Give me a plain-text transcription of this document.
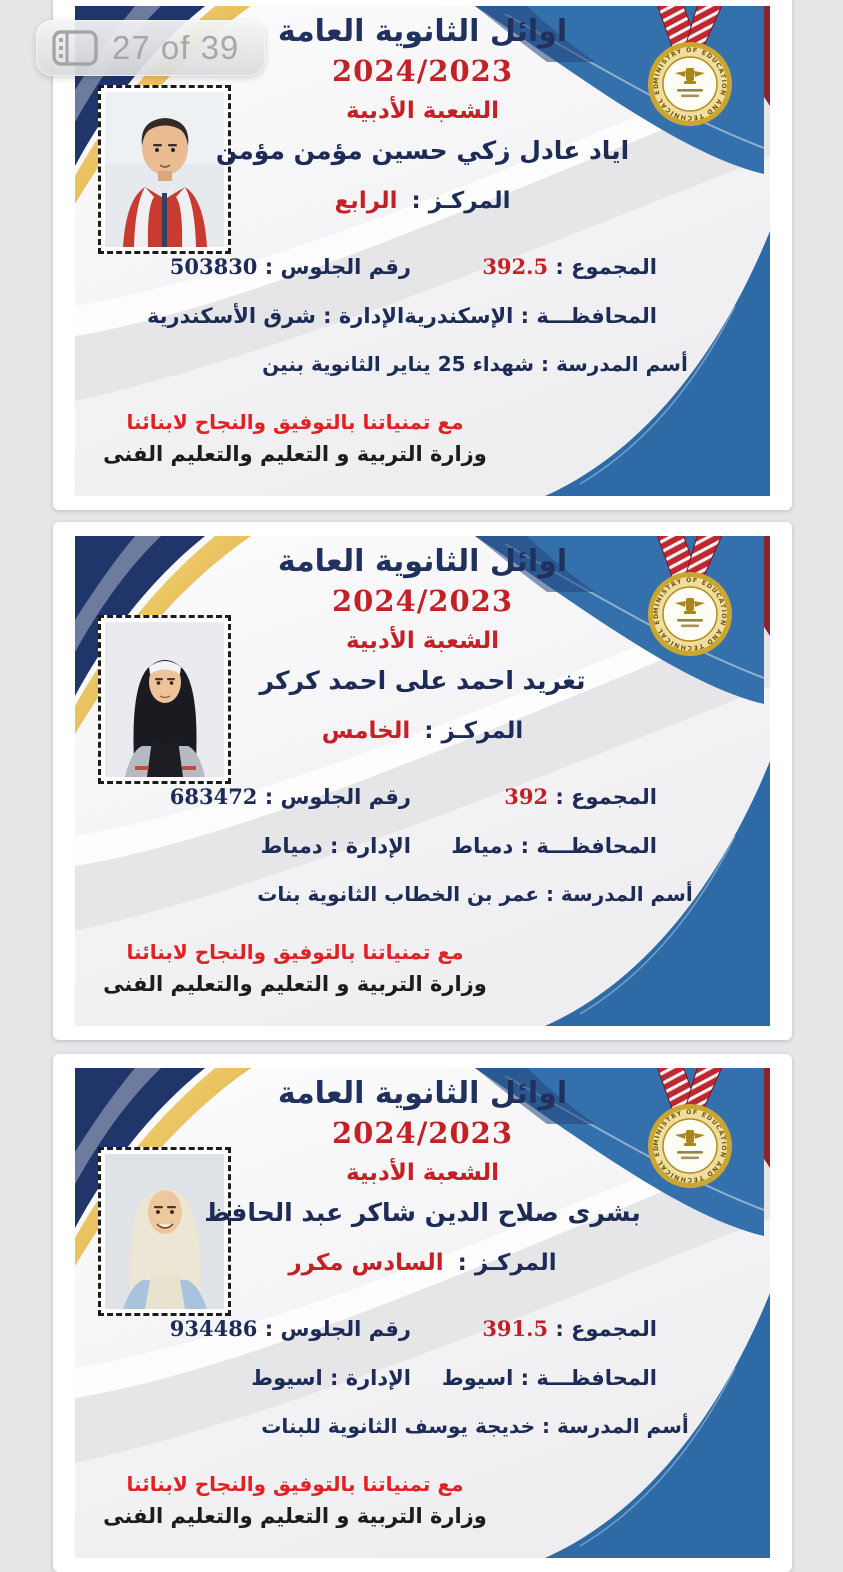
27 of 39	اوائل الثانوية العامة
2024/2023
الشعبة الأدبية
اياد عادل زكي حسين مؤمن مؤمن
المركـز :الرابع
المجموع : 392.5
رقم الجلوس : 503830
المحافظـــة : الإسكندرية
الإدارة : شرق الأسكندرية
أسم المدرسة : شهداء 25 يناير الثانوية بنين
مع تمنياتنا بالتوفيق والنجاح لابنائنا
وزارة التربية و التعليم والتعليم الفنى
اوائل الثانوية العامة
2024/2023
الشعبة الأدبية
تغريد احمد على احمد كركر
المركـز :الخامس
المجموع : 392
رقم الجلوس : 683472
المحافظـــة : دمياط
الإدارة : دمياط
أسم المدرسة : عمر بن الخطاب الثانوية بنات
مع تمنياتنا بالتوفيق والنجاح لابنائنا
وزارة التربية و التعليم والتعليم الفنى
اوائل الثانوية العامة
2024/2023
الشعبة الأدبية
بشرى صلاح الدين شاكر عبد الحافظ
المركـز :السادس مكرر
المجموع : 391.5
رقم الجلوس : 934486
المحافظـــة : اسيوط
الإدارة : اسيوط
أسم المدرسة : خديجة يوسف الثانوية للبنات
مع تمنياتنا بالتوفيق والنجاح لابنائنا
وزارة التربية و التعليم والتعليم الفنى
